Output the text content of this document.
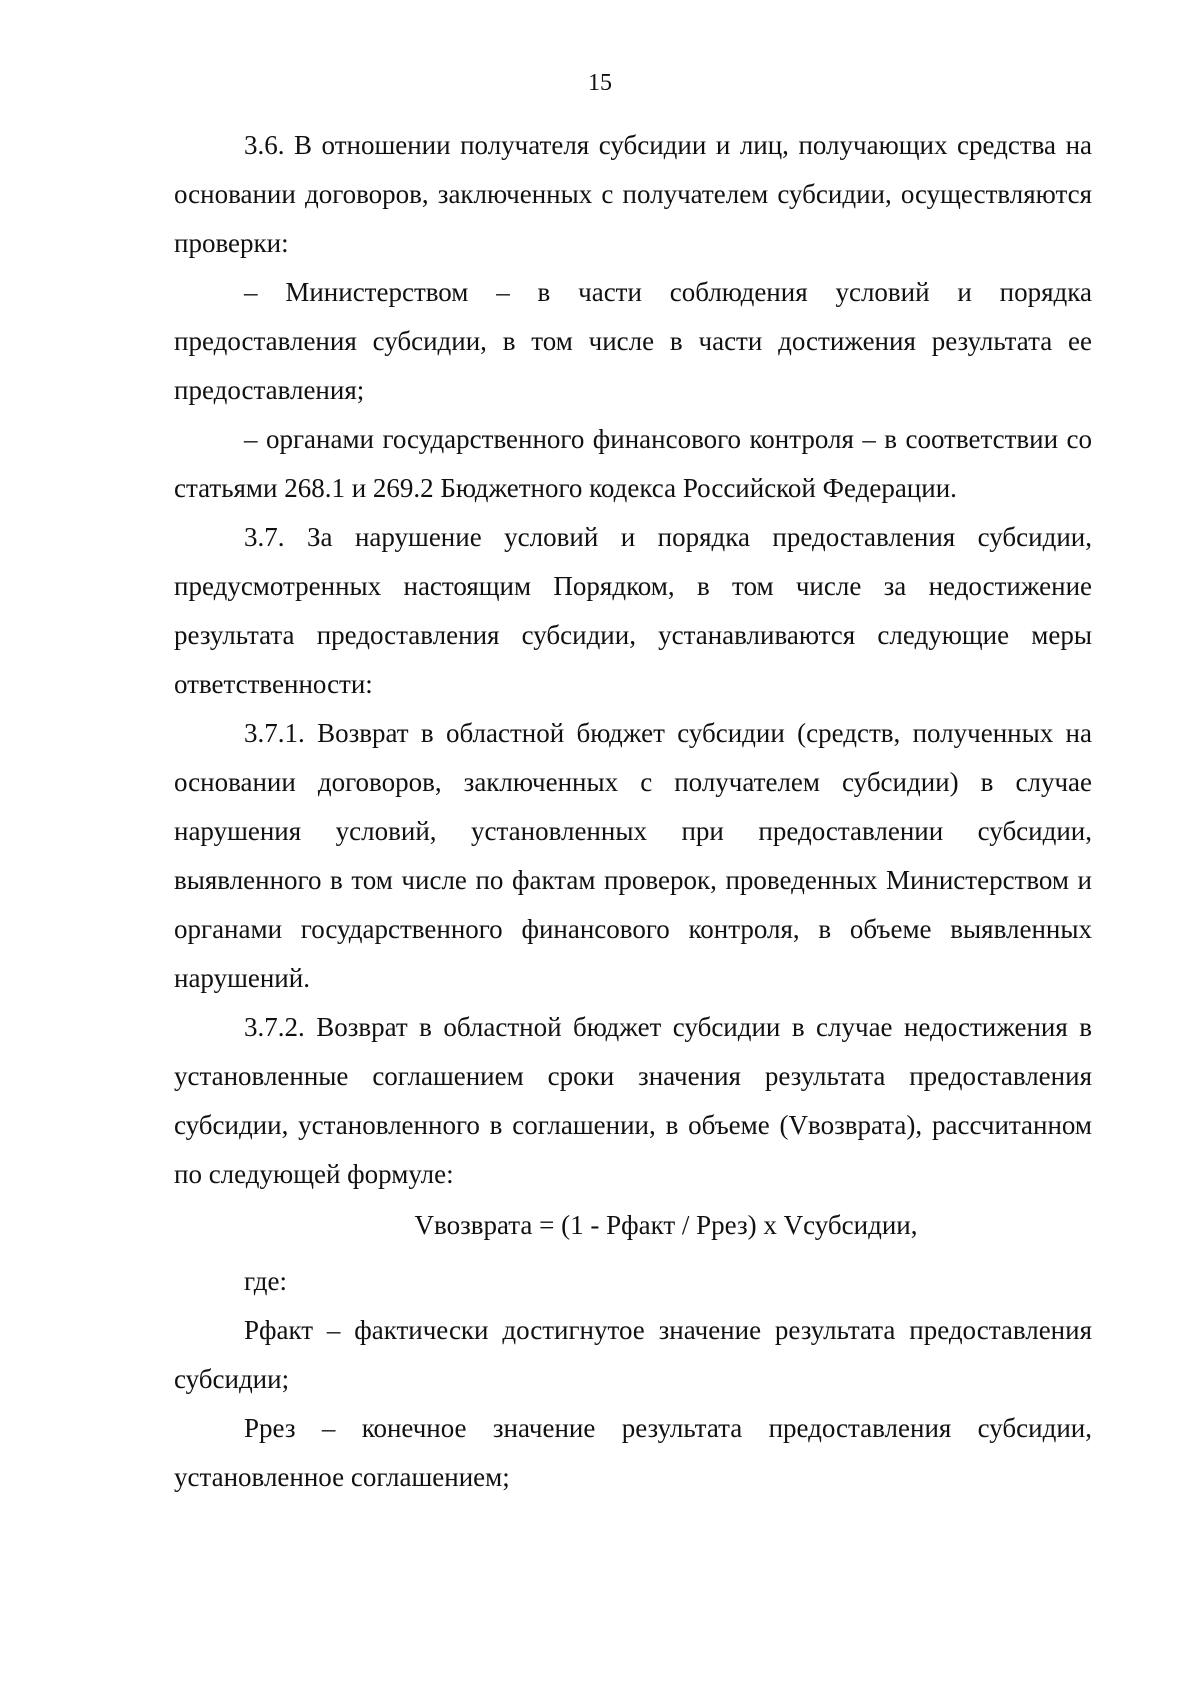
15

3.6. В отношении получателя субсидии и лиц, получающих средства на основании договоров, заключенных с получателем субсидии, осуществляются проверки:

– Министерством – в части соблюдения условий и порядка предоставления субсидии, в том числе в части достижения результата ее предоставления;

– органами государственного финансового контроля – в соответствии со статьями 268.1 и 269.2 Бюджетного кодекса Российской Федерации.

3.7. За нарушение условий и порядка предоставления субсидии, предусмотренных настоящим Порядком, в том числе за недостижение результата предоставления субсидии, устанавливаются следующие меры ответственности:

3.7.1. Возврат в областной бюджет субсидии (средств, полученных на основании договоров, заключенных с получателем субсидии) в случае нарушения условий, установленных при предоставлении субсидии, выявленного в том числе по фактам проверок, проведенных Министерством и органами государственного финансового контроля, в объеме выявленных нарушений.

3.7.2. Возврат в областной бюджет субсидии в случае недостижения в установленные соглашением сроки значения результата предоставления субсидии, установленного в соглашении, в объеме (Vвозврата), рассчитанном по следующей формуле:

Vвозврата = (1 - Рфакт / Рpез) х Vсубсидии,

где:

Рфакт – фактически достигнутое значение результата предоставления субсидии;

Рpез – конечное значение результата предоставления субсидии, установленное соглашением;
